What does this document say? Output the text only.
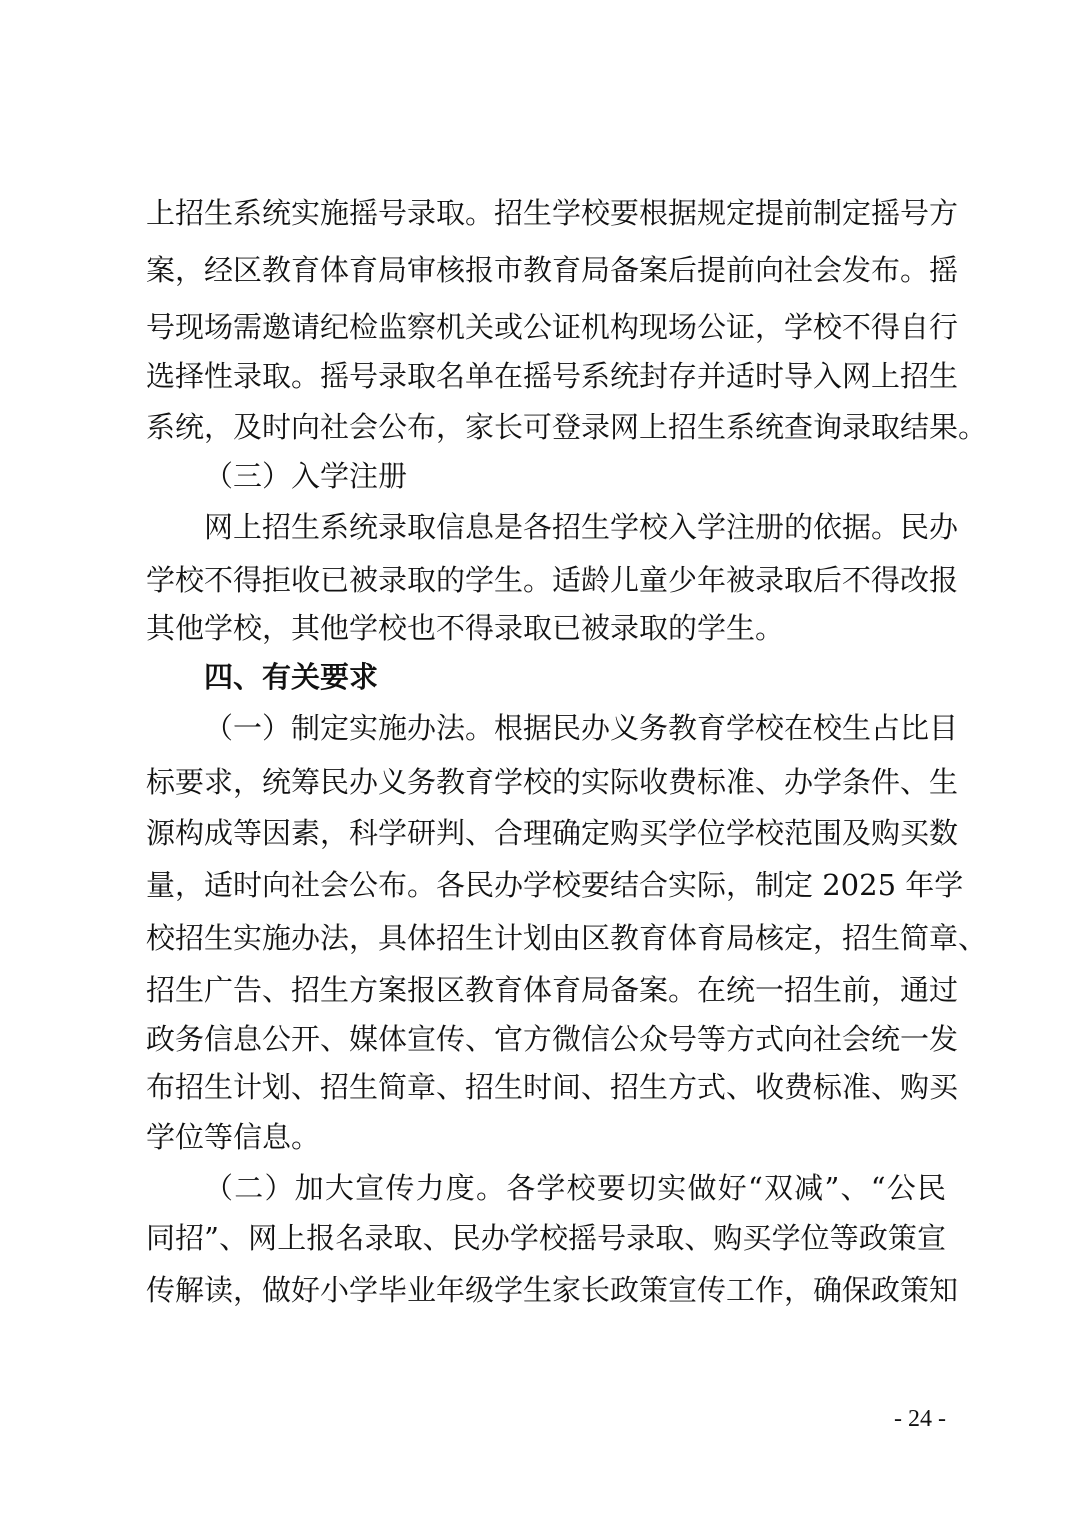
上招生系统实施摇号录取。招生学校要根据规定提前制定摇号方
案，经区教育体育局审核报市教育局备案后提前向社会发布。摇
号现场需邀请纪检监察机关或公证机构现场公证，学校不得自行
选择性录取。摇号录取名单在摇号系统封存并适时导入网上招生
系统，及时向社会公布，家长可登录网上招生系统查询录取结果。
（三）入学注册
网上招生系统录取信息是各招生学校入学注册的依据。民办
学校不得拒收已被录取的学生。适龄儿童少年被录取后不得改报
其他学校，其他学校也不得录取已被录取的学生。
四、有关要求
（一）制定实施办法。根据民办义务教育学校在校生占比目
标要求，统筹民办义务教育学校的实际收费标准、办学条件、生
源构成等因素，科学研判、合理确定购买学位学校范围及购买数
量，适时向社会公布。各民办学校要结合实际，制定 2025 年学
校招生实施办法，具体招生计划由区教育体育局核定，招生简章、
招生广告、招生方案报区教育体育局备案。在统一招生前，通过
政务信息公开、媒体宣传、官方微信公众号等方式向社会统一发
布招生计划、招生简章、招生时间、招生方式、收费标准、购买
学位等信息。
（二）加大宣传力度。各学校要切实做好“双减”、“公民
同招”、网上报名录取、民办学校摇号录取、购买学位等政策宣
传解读，做好小学毕业年级学生家长政策宣传工作，确保政策知
- 24 -
